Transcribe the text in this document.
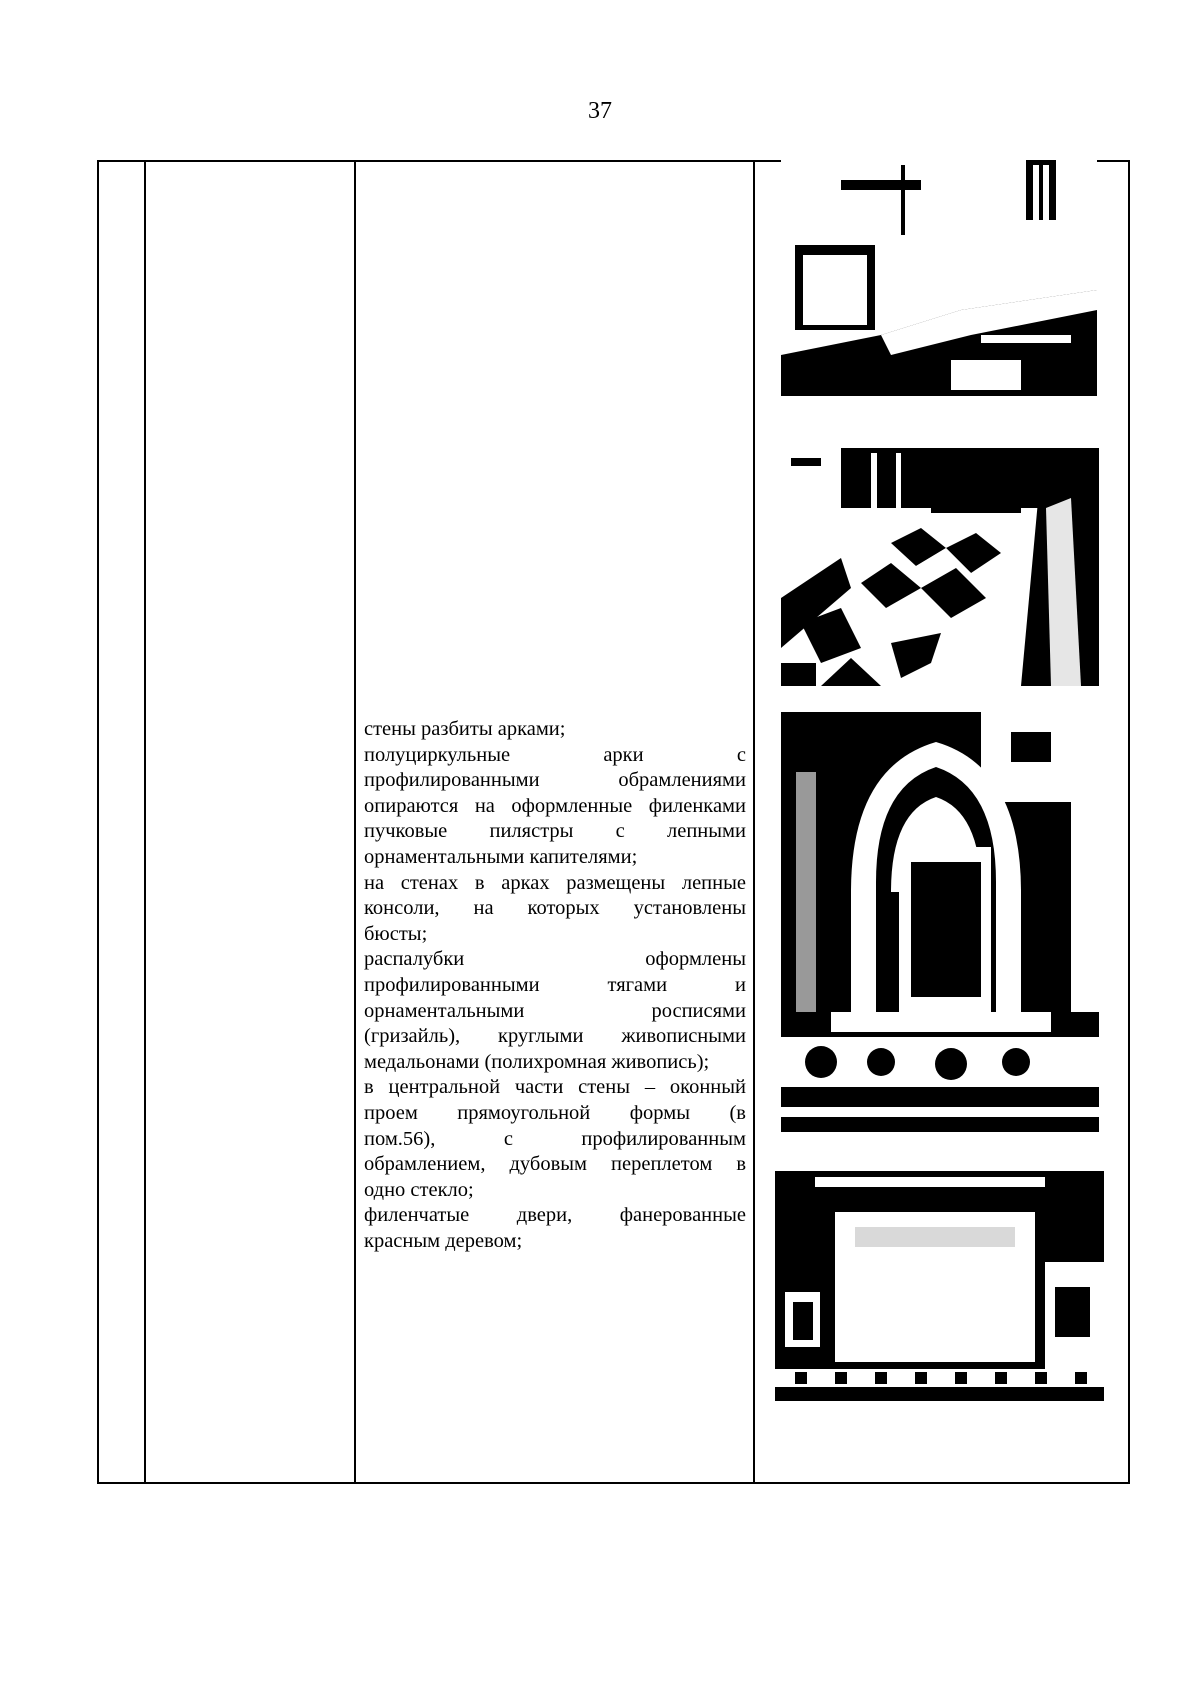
37
стены разбиты арками;
полуциркульные арки с
профилированными обрамлениями
опираются на оформленные филенками
пучковые пилястры с лепными
орнаментальными капителями;
на стенах в арках размещены лепные
консоли, на которых установлены
бюсты;
распалубки оформлены
профилированными тягами и
орнаментальными росписями
(гризайль), круглыми живописными
медальонами (полихромная живопись);
в центральной части стены – оконный
проем прямоугольной формы (в
пом.56), с профилированным
обрамлением, дубовым переплетом в
одно стекло;
филенчатые двери, фанерованные
красным деревом;
